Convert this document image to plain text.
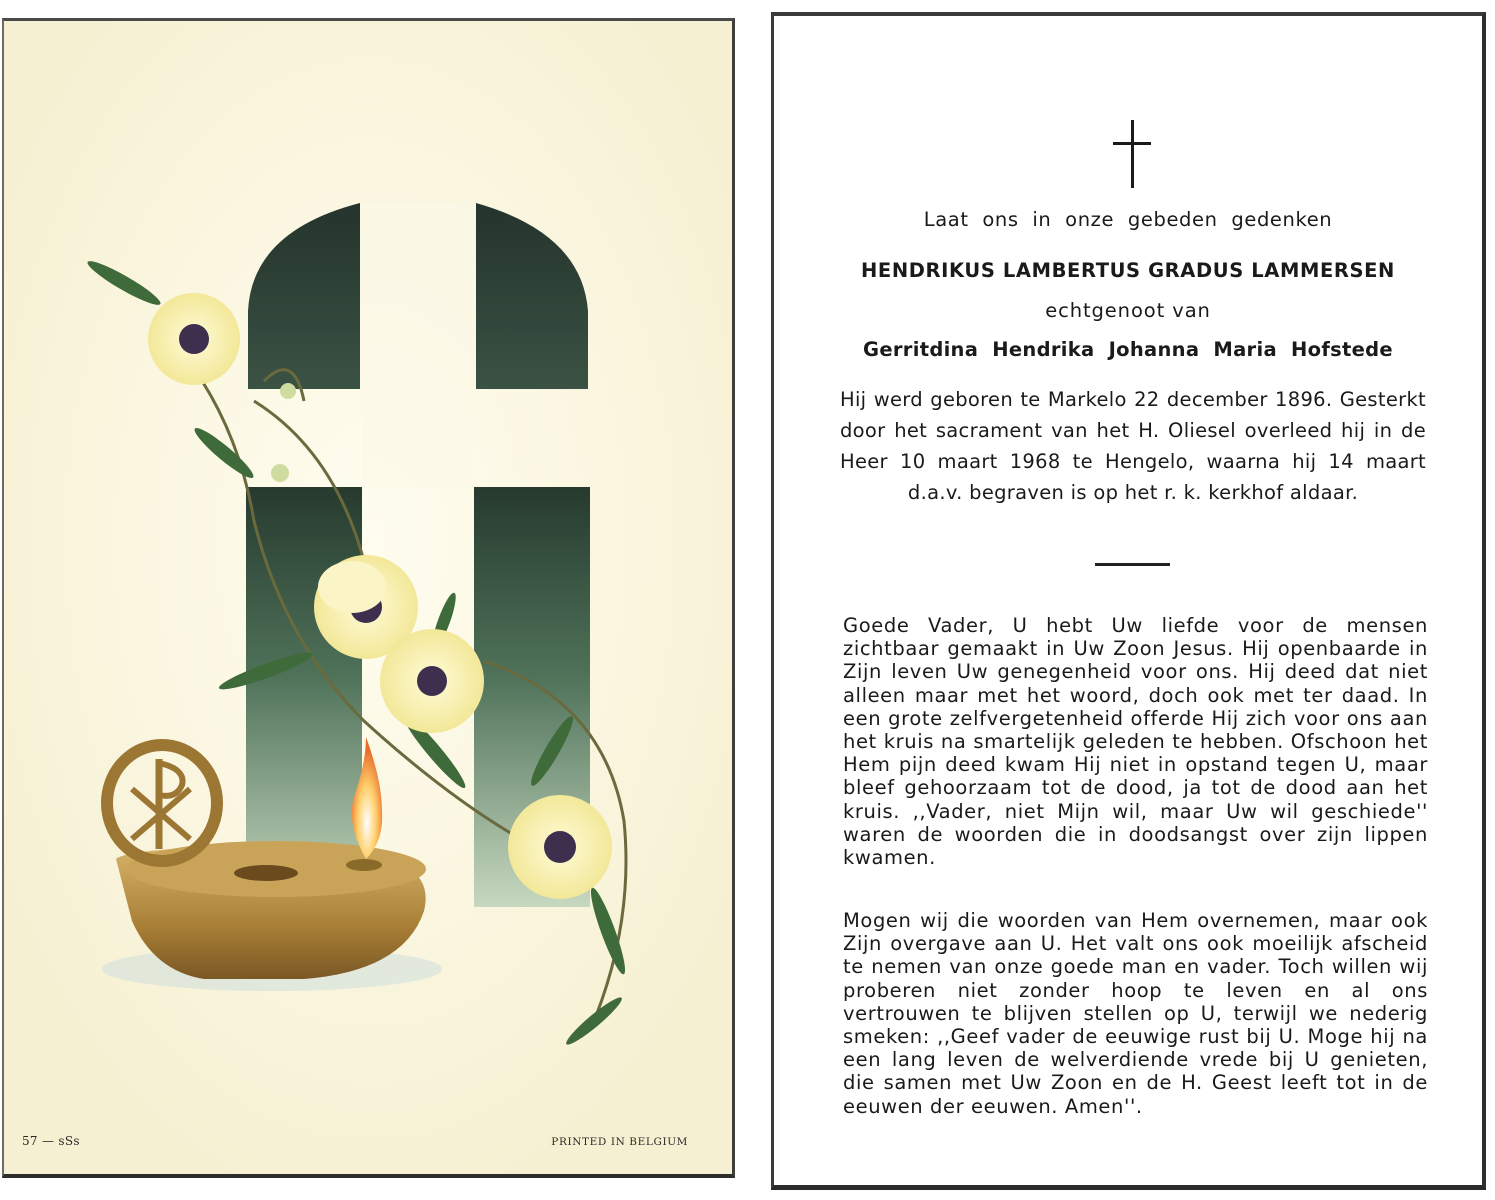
57 — sSs	PRINTED IN BELGIUM
Laat ons in onze gebeden gedenken
HENDRIKUS LAMBERTUS GRADUS LAMMERSEN
echtgenoot van
Gerritdina Hendrika Johanna Maria Hofstede
Hij werd geboren te Markelo 22 december 1896. Gesterkt door het sacrament van het H. Oliesel overleed hij in de Heer 10 maart 1968 te Hengelo, waarna hij 14 maart d.a.v. begraven is op het r. k. kerkhof aldaar.
Goede Vader, U hebt Uw liefde voor de mensen zichtbaar gemaakt in Uw Zoon Jesus. Hij openbaarde in Zijn leven Uw genegenheid voor ons. Hij deed dat niet alleen maar met het woord, doch ook met ter daad. In een grote zelfvergetenheid offerde Hij zich voor ons aan het kruis na smartelijk geleden te hebben. Ofschoon het Hem pijn deed kwam Hij niet in opstand tegen U, maar bleef gehoorzaam tot de dood, ja tot de dood aan het kruis. ,,Vader, niet Mijn wil, maar Uw wil geschiede'' waren de woorden die in doodsangst over zijn lippen kwamen.
Mogen wij die woorden van Hem overnemen, maar ook Zijn overgave aan U. Het valt ons ook moeilijk afscheid te nemen van onze goede man en vader. Toch willen wij proberen niet zonder hoop te leven en al ons vertrouwen te blijven stellen op U, terwijl we nederig smeken: ,,Geef vader de eeuwige rust bij U. Moge hij na een lang leven de welverdiende vrede bij U genieten, die samen met Uw Zoon en de H. Geest leeft tot in de eeuwen der eeuwen. Amen''.
